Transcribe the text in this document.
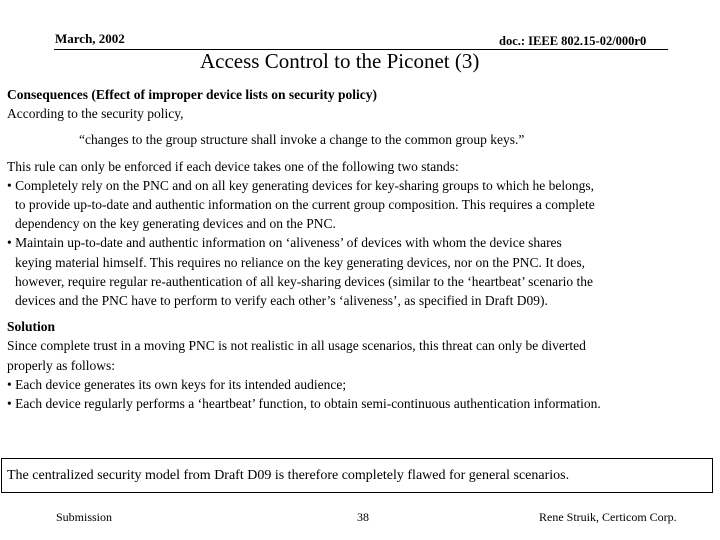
March, 2002	doc.: IEEE 802.15-02/000r0
Access Control to the Piconet (3)

Consequences (Effect of improper device lists on security policy)

According to the security policy,

“changes to the group structure shall invoke a change to the common group keys.”

This rule can only be enforced if each device takes one of the following two stands:

• Completely rely on the PNC and on all key generating devices for key-sharing groups to which he belongs,

to provide up-to-date and authentic information on the current group composition. This requires a complete

dependency on the key generating devices and on the PNC.

• Maintain up-to-date and authentic information on ‘aliveness’ of devices with whom the device shares

keying material himself. This requires no reliance on the key generating devices, nor on the PNC. It does,

however, require regular re-authentication of all key-sharing devices (similar to the ‘heartbeat’ scenario the

devices and the PNC have to perform to verify each other’s ‘aliveness’, as specified in Draft D09).

Solution

Since complete trust in a moving PNC is not realistic in all usage scenarios, this threat can only be diverted

properly as follows:

• Each device generates its own keys for its intended audience;

• Each device regularly performs a ‘heartbeat’ function, to obtain semi-continuous authentication information.

The centralized security model from Draft D09 is therefore completely flawed for general scenarios.
Submission	38	Rene Struik, Certicom Corp.
